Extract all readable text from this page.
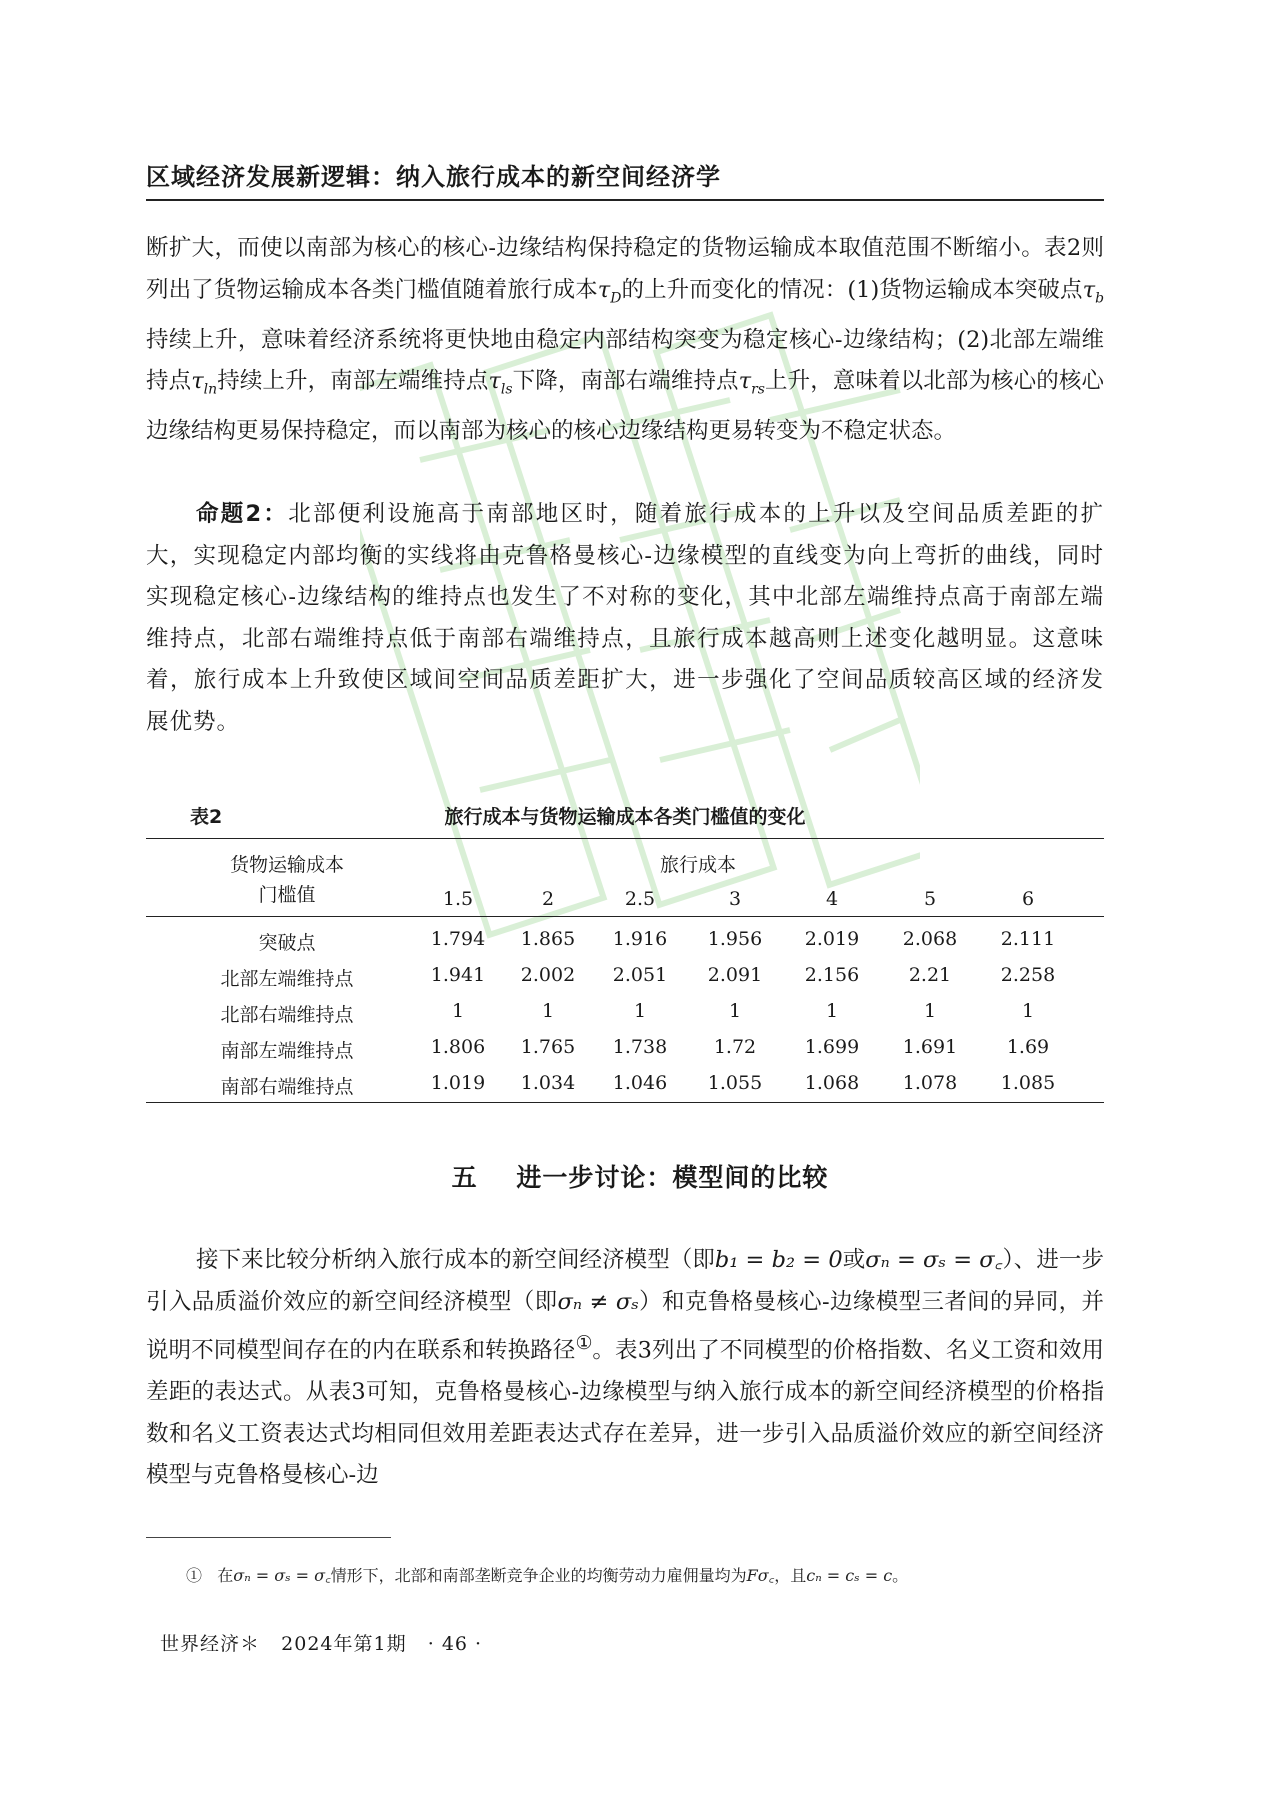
区域经济发展新逻辑：纳入旅行成本的新空间经济学
断扩大，而使以南部为核心的核心-边缘结构保持稳定的货物运输成本取值范围不断缩小。表2则列出了货物运输成本各类门槛值随着旅行成本$\tau_D$的上升而变化的情况：(1)货物运输成本突破点$\tau_b$持续上升，意味着经济系统将更快地由稳定内部结构突变为稳定核心-边缘结构；(2)北部左端维持点$\tau_{ln}$持续上升，南部左端维持点$\tau_{ls}$下降，南部右端维持点$\tau_{rs}$上升，意味着以北部为核心的核心边缘结构更易保持稳定，而以南部为核心的核心边缘结构更易转变为不稳定状态。
命题2：北部便利设施高于南部地区时，随着旅行成本的上升以及空间品质差距的扩大，实现稳定内部均衡的实线将由克鲁格曼核心-边缘模型的直线变为向上弯折的曲线，同时实现稳定核心-边缘结构的维持点也发生了不对称的变化，其中北部左端维持点高于南部左端维持点，北部右端维持点低于南部右端维持点，且旅行成本越高则上述变化越明显。这意味着，旅行成本上升致使区域间空间品质差距扩大，进一步强化了空间品质较高区域的经济发展优势。
表2	旅行成本与货物运输成本各类门槛值的变化
货物运输成本
门槛值
旅行成本
1.5	2	2.5	3	4	5	6
突破点	1.794	1.865	1.916	1.956	2.019	2.068	2.111
北部左端维持点	1.941	2.002	2.051	2.091	2.156	2.21	2.258
北部右端维持点	1	1	1	1	1	1	1
南部左端维持点	1.806	1.765	1.738	1.72	1.699	1.691	1.69
南部右端维持点	1.019	1.034	1.046	1.055	1.068	1.078	1.085
五 进一步讨论：模型间的比较
接下来比较分析纳入旅行成本的新空间经济模型（即b₁ = b₂ = 0或σₙ = σₛ = σ꜀）、进一步引入品质溢价效应的新空间经济模型（即σₙ ≠ σₛ）和克鲁格曼核心-边缘模型三者间的异同，并说明不同模型间存在的内在联系和转换路径①。表3列出了不同模型的价格指数、名义工资和效用差距的表达式。从表3可知，克鲁格曼核心-边缘模型与纳入旅行成本的新空间经济模型的价格指数和名义工资表达式均相同但效用差距表达式存在差异，进一步引入品质溢价效应的新空间经济模型与克鲁格曼核心-边
① 在σₙ = σₛ = σ꜀情形下，北部和南部垄断竞争企业的均衡劳动力雇佣量均为Fσ꜀，且cₙ = cₛ = c。
世界经济＊ 2024年第1期 · 46 ·
